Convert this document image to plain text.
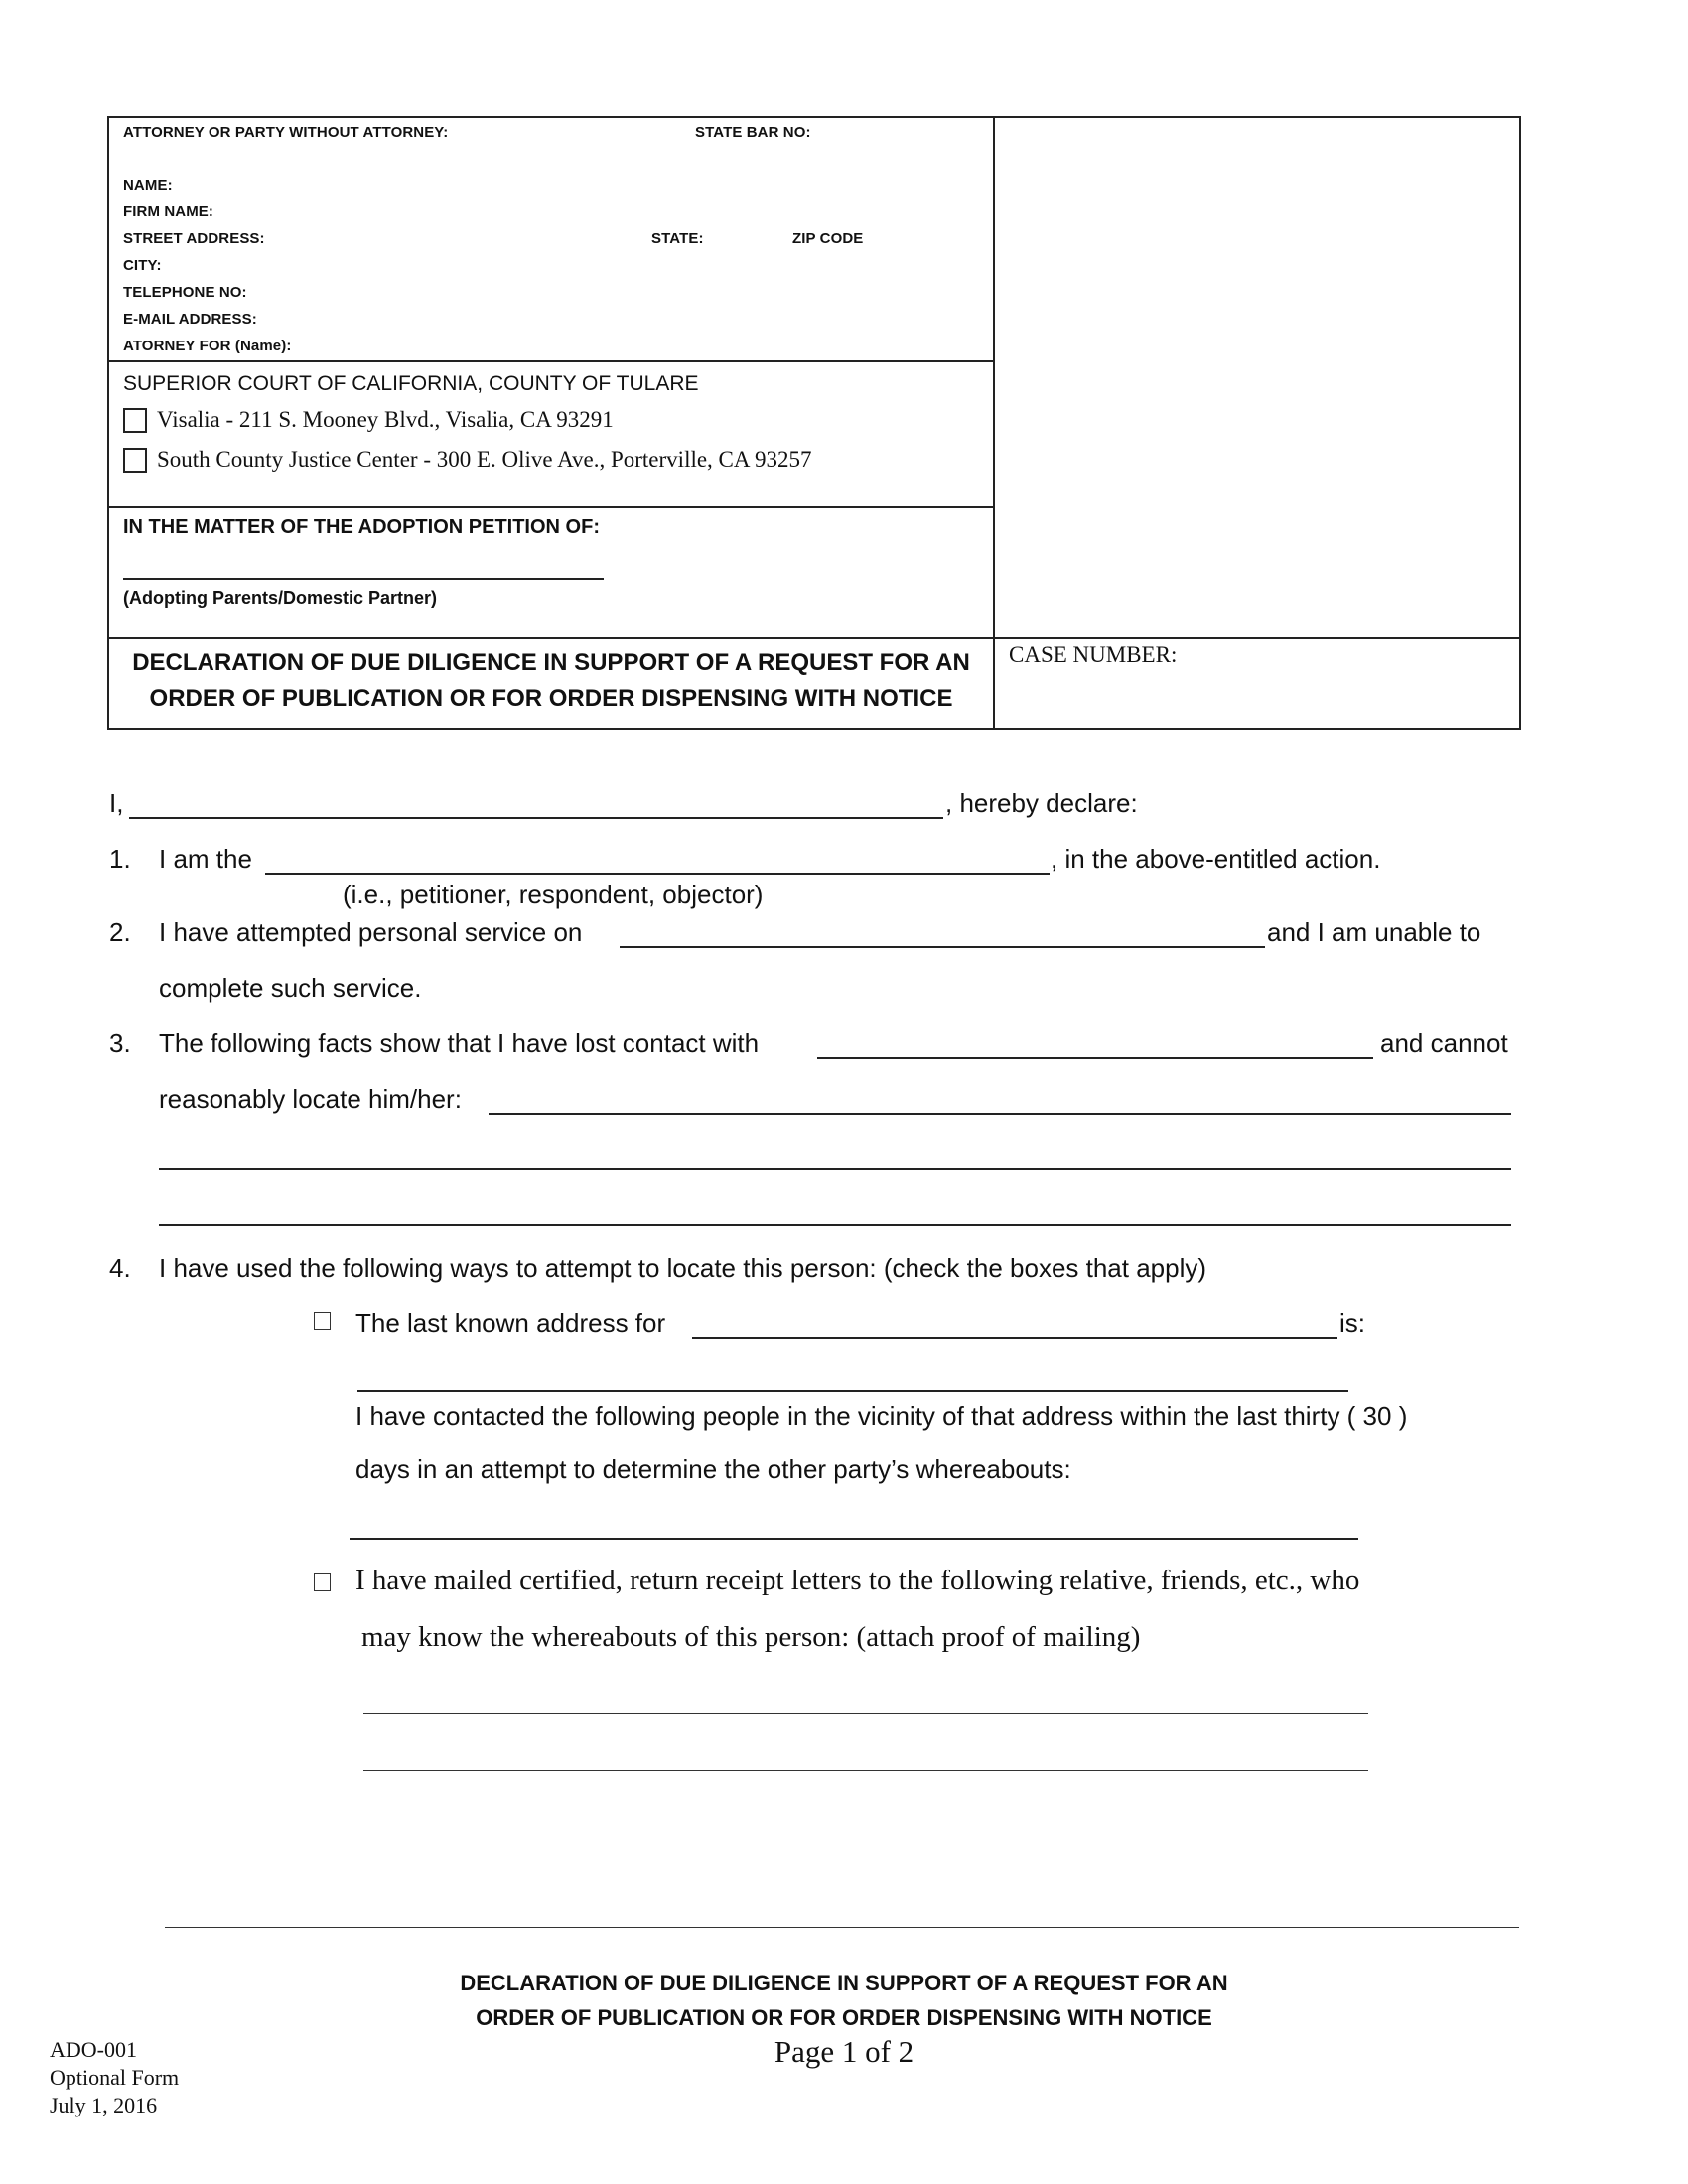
ATTORNEY OR PARTY WITHOUT ATTORNEY:	STATE BAR NO:
NAME:
FIRM NAME:
STREET ADDRESS:	STATE:	ZIP CODE
CITY:
TELEPHONE NO:
E-MAIL ADDRESS:
ATORNEY FOR (Name):
SUPERIOR COURT OF CALIFORNIA, COUNTY OF TULARE
Visalia - 211 S. Mooney Blvd., Visalia, CA 93291
South County Justice Center - 300 E. Olive Ave., Porterville, CA 93257
IN THE MATTER OF THE ADOPTION PETITION OF:
(Adopting Parents/Domestic Partner)
DECLARATION OF DUE DILIGENCE IN SUPPORT OF A REQUEST FOR AN
ORDER OF PUBLICATION OR FOR ORDER DISPENSING WITH NOTICE
CASE NUMBER:
I,	, hereby declare:
1. I am the	, in the above-entitled action.
(i.e., petitioner, respondent, objector)
2. I have attempted personal service on	and I am unable to
complete such service.
3. The following facts show that I have lost contact with	and cannot
reasonably locate him/her:
4. I have used the following ways to attempt to locate this person: (check the boxes that apply)
The last known address for	is:
I have contacted the following people in the vicinity of that address within the last thirty ( 30 )
days in an attempt to determine the other party’s whereabouts:
I have mailed certified, return receipt letters to the following relative, friends, etc., who
may know the whereabouts of this person: (attach proof of mailing)
DECLARATION OF DUE DILIGENCE IN SUPPORT OF A REQUEST FOR AN
ORDER OF PUBLICATION OR FOR ORDER DISPENSING WITH NOTICE
Page 1 of 2
ADO-001
Optional Form
July 1, 2016
